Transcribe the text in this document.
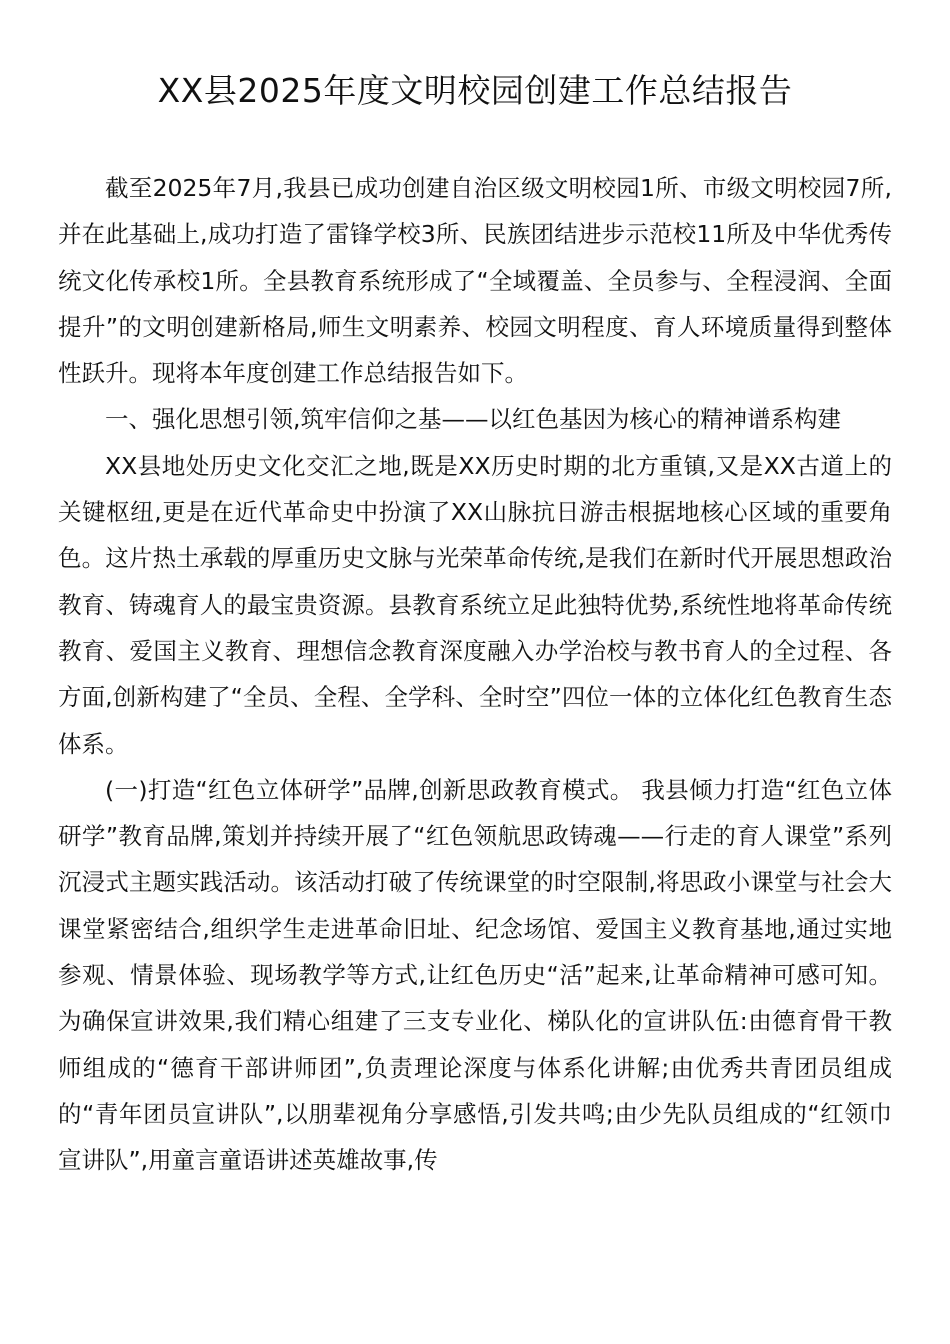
XX县2025年度文明校园创建工作总结报告

截至2025年7月,我县已成功创建自治区级文明校园1所、市级文明校园7所,并在此基础上,成功打造了雷锋学校3所、民族团结进步示范校11所及中华优秀传统文化传承校1所。全县教育系统形成了“全域覆盖、全员参与、全程浸润、全面提升”的文明创建新格局,师生文明素养、校园文明程度、育人环境质量得到整体性跃升。现将本年度创建工作总结报告如下。

一、强化思想引领,筑牢信仰之基——以红色基因为核心的精神谱系构建

XX县地处历史文化交汇之地,既是XX历史时期的北方重镇,又是XX古道上的关键枢纽,更是在近代革命史中扮演了XX山脉抗日游击根据地核心区域的重要角色。这片热土承载的厚重历史文脉与光荣革命传统,是我们在新时代开展思想政治教育、铸魂育人的最宝贵资源。县教育系统立足此独特优势,系统性地将革命传统教育、爱国主义教育、理想信念教育深度融入办学治校与教书育人的全过程、各方面,创新构建了“全员、全程、全学科、全时空”四位一体的立体化红色教育生态体系。

(一)打造“红色立体研学”品牌,创新思政教育模式。 我县倾力打造“红色立体研学”教育品牌,策划并持续开展了“红色领航思政铸魂——行走的育人课堂”系列沉浸式主题实践活动。该活动打破了传统课堂的时空限制,将思政小课堂与社会大课堂紧密结合,组织学生走进革命旧址、纪念场馆、爱国主义教育基地,通过实地参观、情景体验、现场教学等方式,让红色历史“活”起来,让革命精神可感可知。为确保宣讲效果,我们精心组建了三支专业化、梯队化的宣讲队伍:由德育骨干教师组成的“德育干部讲师团”,负责理论深度与体系化讲解;由优秀共青团员组成的“青年团员宣讲队”,以朋辈视角分享感悟,引发共鸣;由少先队员组成的“红领巾宣讲队”,用童言童语讲述英雄故事,传
